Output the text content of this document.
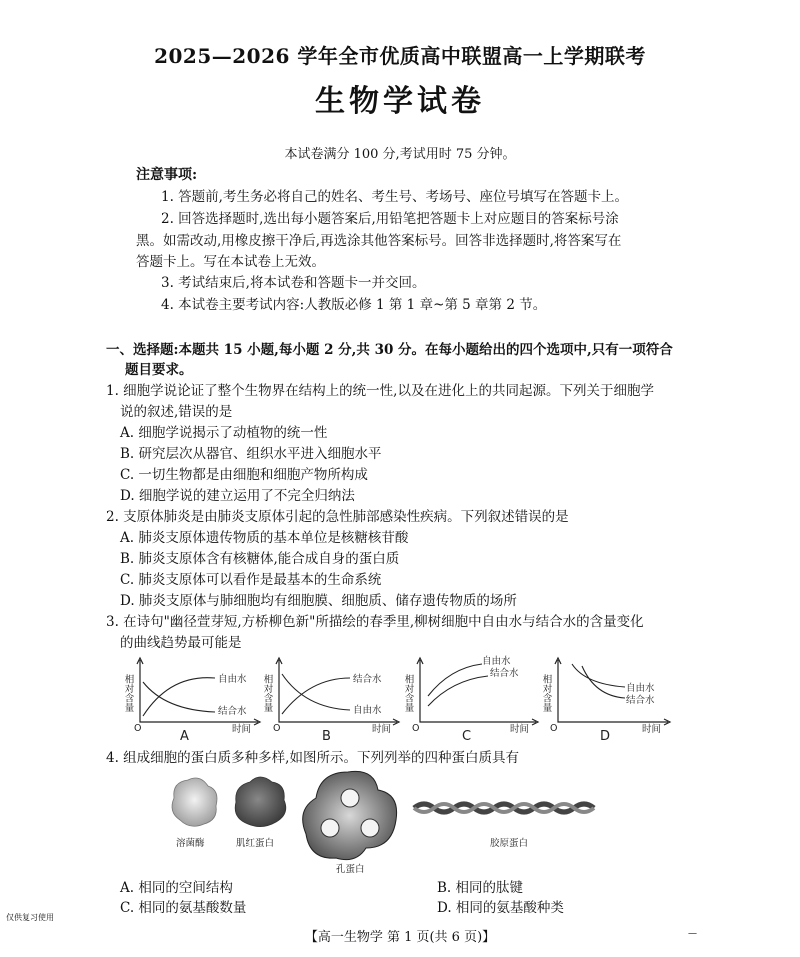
2025—2026 学年全市优质高中联盟高一上学期联考
生物学试卷
本试卷满分 100 分,考试用时 75 分钟。
注意事项:
1. 答题前,考生务必将自己的姓名、考生号、考场号、座位号填写在答题卡上。
2. 回答选择题时,选出每小题答案后,用铅笔把答题卡上对应题目的答案标号涂
黑。如需改动,用橡皮擦干净后,再选涂其他答案标号。回答非选择题时,将答案写在
答题卡上。写在本试卷上无效。
3. 考试结束后,将本试卷和答题卡一并交回。
4. 本试卷主要考试内容:人教版必修 1 第 1 章~第 5 章第 2 节。
一、选择题:本题共 15 小题,每小题 2 分,共 30 分。在每小题给出的四个选项中,只有一项符合
题目要求。
1. 细胞学说论证了整个生物界在结构上的统一性,以及在进化上的共同起源。下列关于细胞学
说的叙述,错误的是
A. 细胞学说揭示了动植物的统一性
B. 研究层次从器官、组织水平进入细胞水平
C. 一切生物都是由细胞和细胞产物所构成
D. 细胞学说的建立运用了不完全归纳法
2. 支原体肺炎是由肺炎支原体引起的急性肺部感染性疾病。下列叙述错误的是
A. 肺炎支原体遗传物质的基本单位是核糖核苷酸
B. 肺炎支原体含有核糖体,能合成自身的蛋白质
C. 肺炎支原体可以看作是最基本的生命系统
D. 肺炎支原体与肺细胞均有细胞膜、细胞质、储存遗传物质的场所
3. 在诗句"幽径萱芽短,方桥柳色新"所描绘的春季里,柳树细胞中自由水与结合水的含量变化
的曲线趋势最可能是
相对含量	自由水
结合水
O	时间
A
相对含量	结合水
自由水
O	时间
B
相对含量
自由水
结合水
O	时间
C
相对含量	自由水
结合水
O	时间
D
4. 组成细胞的蛋白质多种多样,如图所示。下列列举的四种蛋白质具有
溶菌酶	肌红蛋白
孔蛋白
胶原蛋白
A. 相同的空间结构	B. 相同的肽键
C. 相同的氨基酸数量	D. 相同的氨基酸种类
仅供复习使用
【高一生物学 第 1 页(共 6 页)】	—
